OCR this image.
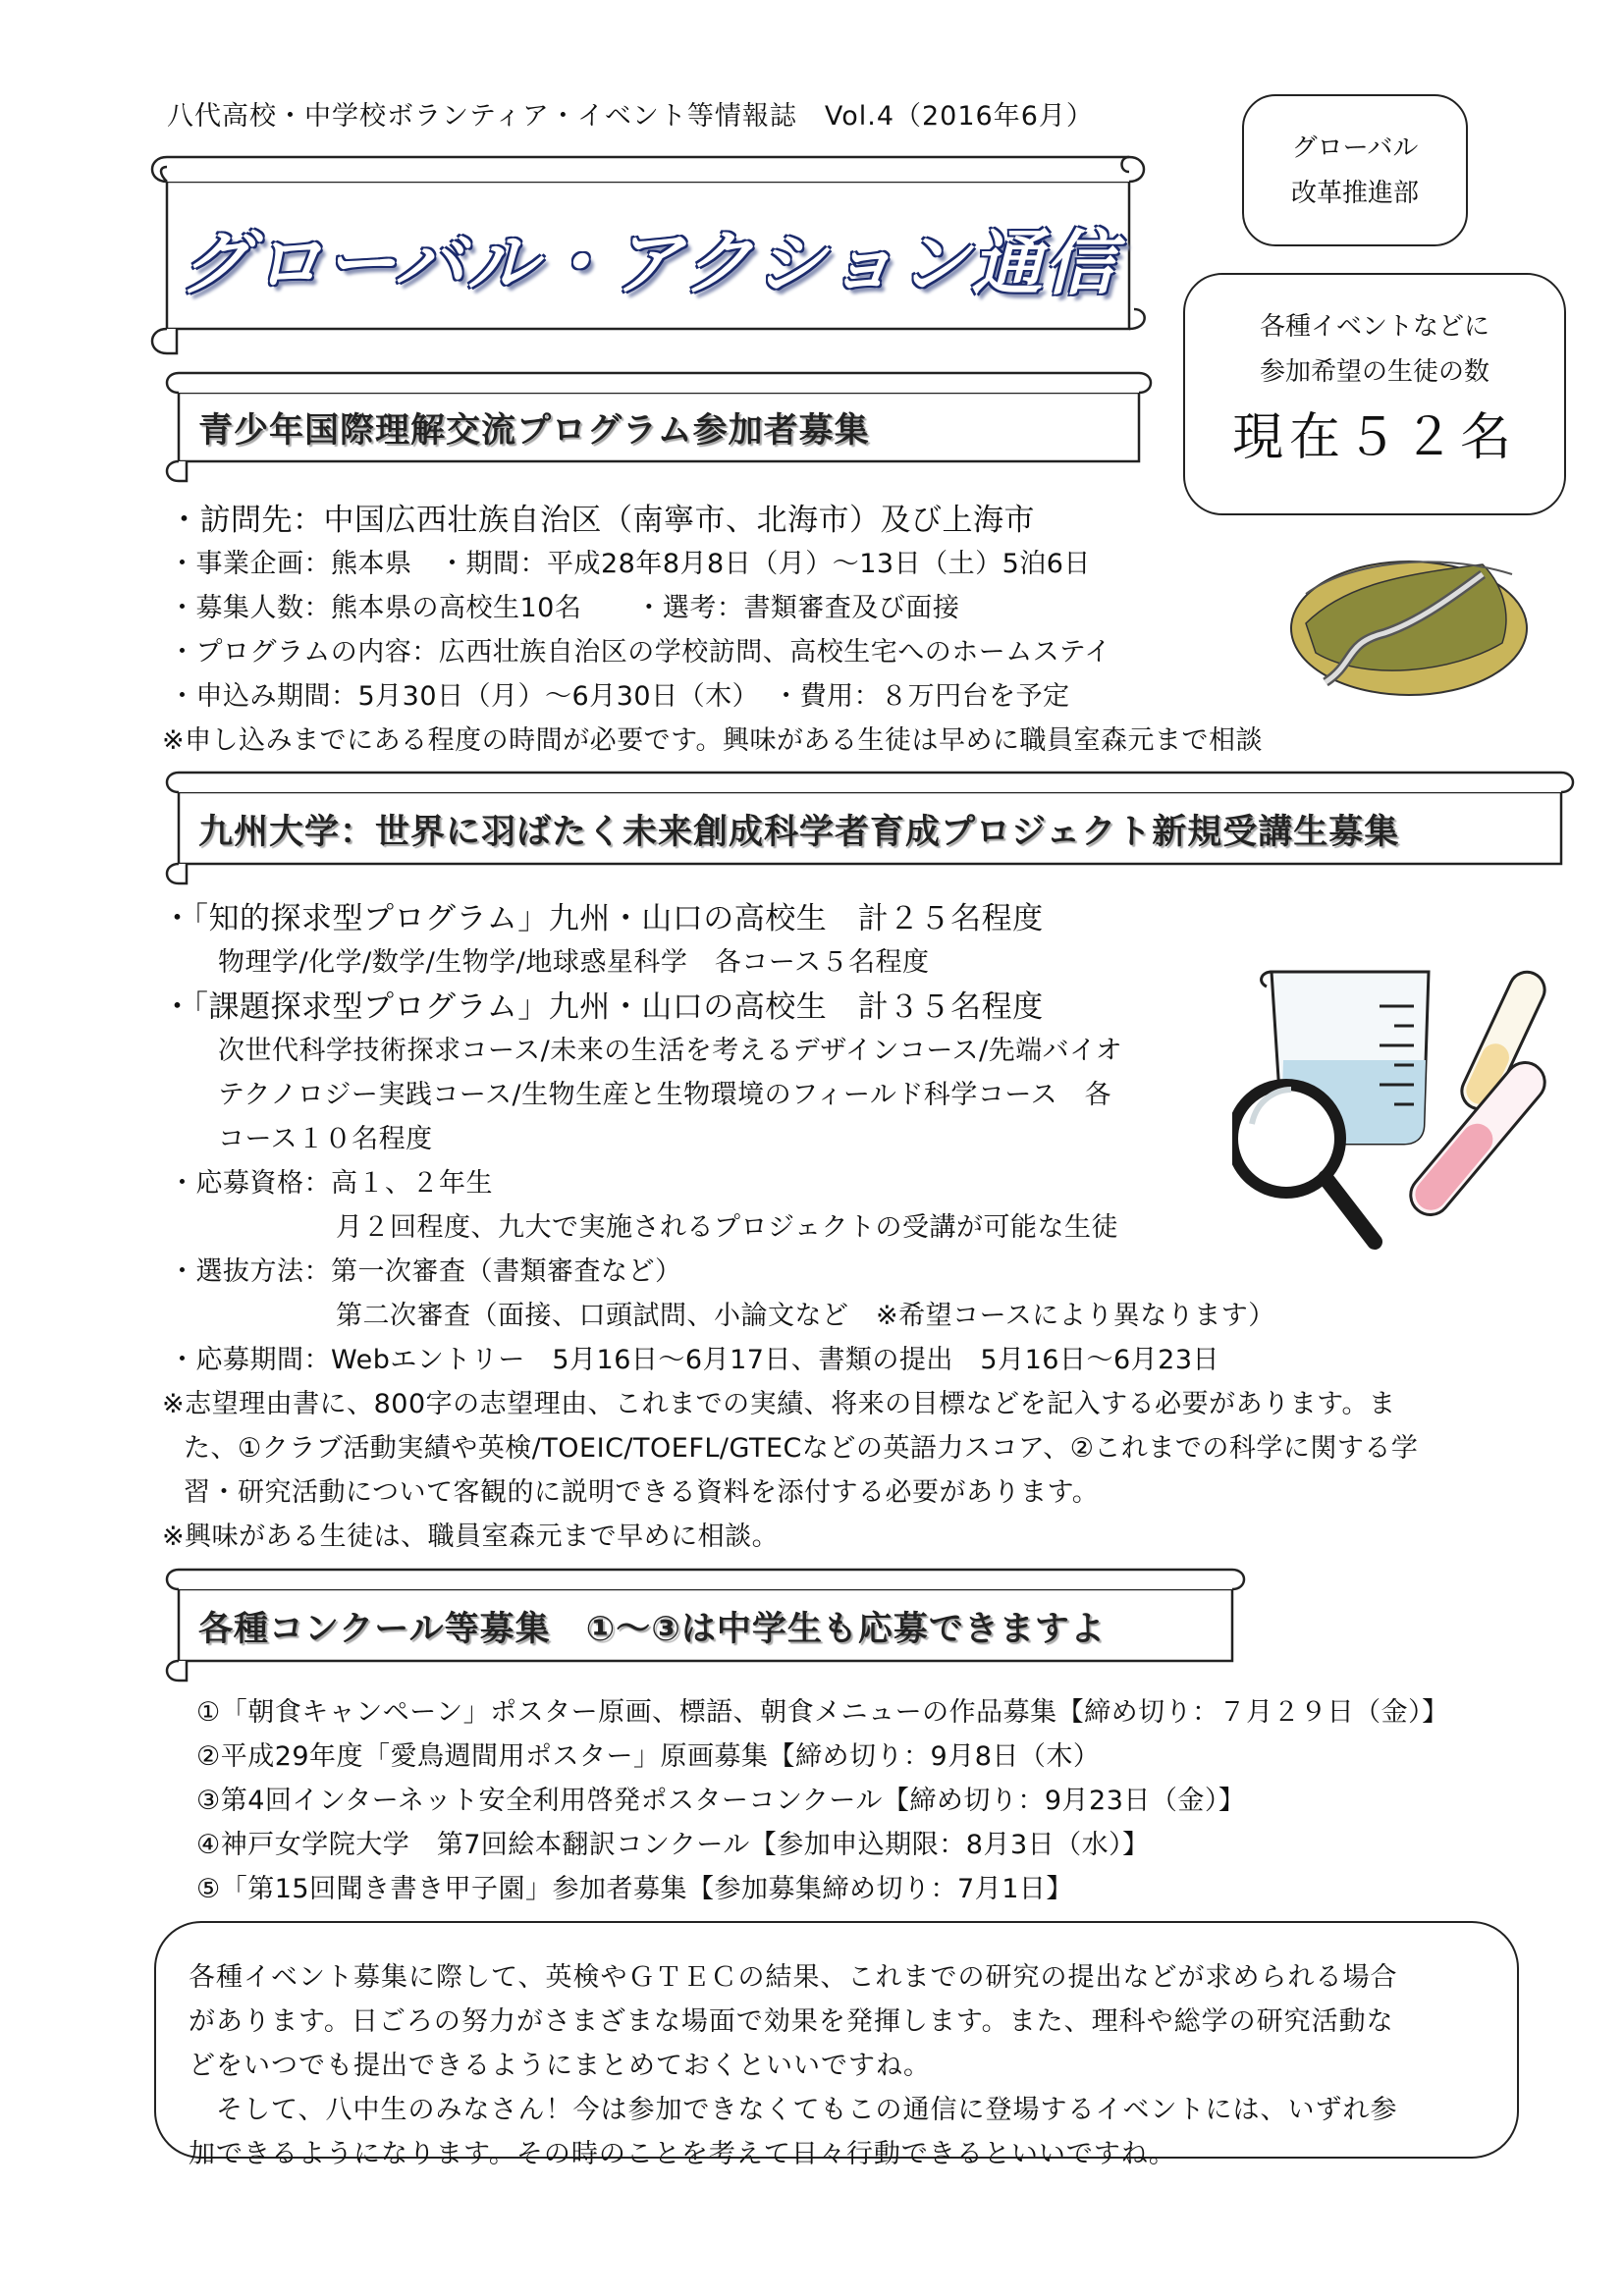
八代高校・中学校ボランティア・イベント等情報誌　Vol.4（2016年6月）
グローバル
改革推進部
各種イベントなどに
参加希望の生徒の数
現在５２名
グローバル・アクション通信
青少年国際理解交流プログラム参加者募集
・訪問先：中国広西壮族自治区（南寧市、北海市）及び上海市
・事業企画：熊本県　・期間：平成28年8月8日（月）～13日（土）5泊6日
・募集人数：熊本県の高校生10名　　・選考：書類審査及び面接
・プログラムの内容：広西壮族自治区の学校訪問、高校生宅へのホームステイ
・申込み期間：5月30日（月）～6月30日（木）　・費用：８万円台を予定
※申し込みまでにある程度の時間が必要です。興味がある生徒は早めに職員室森元まで相談
九州大学：世界に羽ばたく未来創成科学者育成プロジェクト新規受講生募集
・「知的探求型プログラム」九州・山口の高校生　計２５名程度
物理学/化学/数学/生物学/地球惑星科学　各コース５名程度
・「課題探求型プログラム」九州・山口の高校生　計３５名程度
次世代科学技術探求コース/未来の生活を考えるデザインコース/先端バイオ
テクノロジー実践コース/生物生産と生物環境のフィールド科学コース　各
コース１０名程度
・応募資格：高１、２年生
月２回程度、九大で実施されるプロジェクトの受講が可能な生徒
・選抜方法：第一次審査（書類審査など）
第二次審査（面接、口頭試問、小論文など　※希望コースにより異なります）
・応募期間：Webエントリー　5月16日～6月17日、書類の提出　5月16日～6月23日
※志望理由書に、800字の志望理由、これまでの実績、将来の目標などを記入する必要があります。ま
た、①クラブ活動実績や英検/TOEIC/TOEFL/GTECなどの英語力スコア、②これまでの科学に関する学
習・研究活動について客観的に説明できる資料を添付する必要があります。
※興味がある生徒は、職員室森元まで早めに相談。
各種コンクール等募集　①～③は中学生も応募できますよ
①「朝食キャンペーン」ポスター原画、標語、朝食メニューの作品募集【締め切り：７月２９日（金）】
②平成29年度「愛鳥週間用ポスター」原画募集【締め切り：9月8日（木）
③第4回インターネット安全利用啓発ポスターコンクール【締め切り：9月23日（金）】
④神戸女学院大学　第7回絵本翻訳コンクール【参加申込期限：8月3日（水）】
⑤「第15回聞き書き甲子園」参加者募集【参加募集締め切り：7月1日】
各種イベント募集に際して、英検やＧＴＥＣの結果、これまでの研究の提出などが求められる場合
があります。日ごろの努力がさまざまな場面で効果を発揮します。また、理科や総学の研究活動な
どをいつでも提出できるようにまとめておくといいですね。
　そして、八中生のみなさん！今は参加できなくてもこの通信に登場するイベントには、いずれ参
加できるようになります。その時のことを考えて日々行動できるといいですね。
